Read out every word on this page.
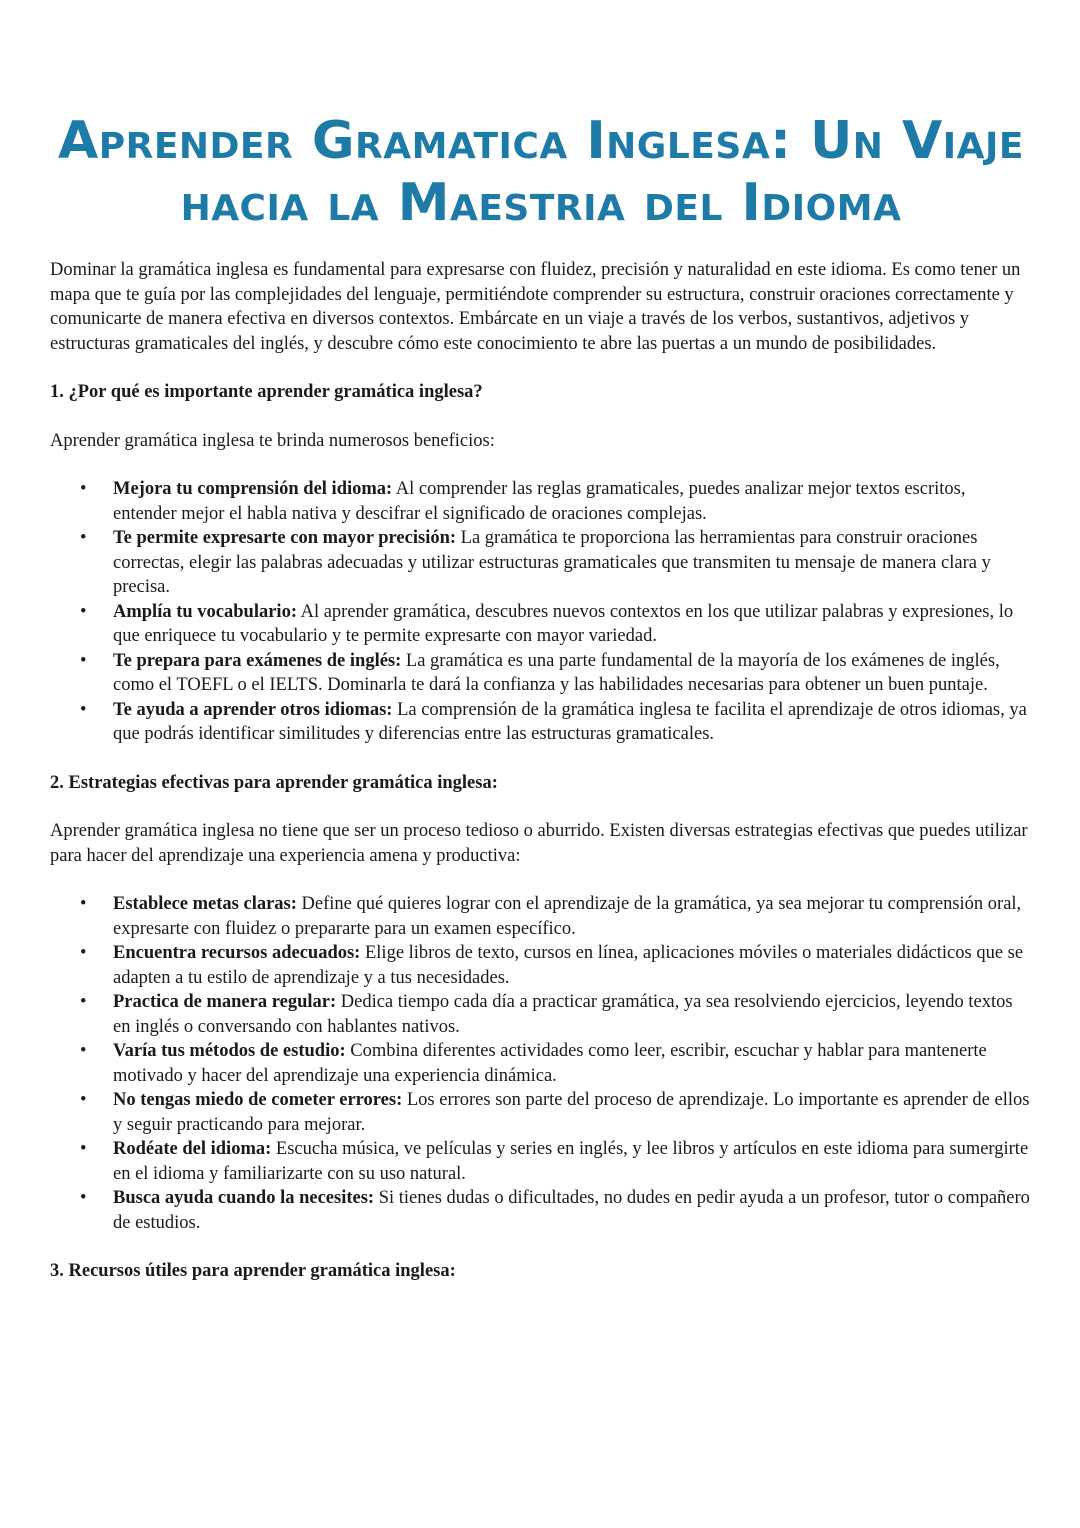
Aprender Gramatica Inglesa: Un Viaje
hacia la Maestria del Idioma

Dominar la gramática inglesa es fundamental para expresarse con fluidez, precisión y naturalidad en este idioma. Es como tener un mapa que te guía por las complejidades del lenguaje, permitiéndote comprender su estructura, construir oraciones correctamente y comunicarte de manera efectiva en diversos contextos. Embárcate en un viaje a través de los verbos, sustantivos, adjetivos y estructuras gramaticales del inglés, y descubre cómo este conocimiento te abre las puertas a un mundo de posibilidades.

1. ¿Por qué es importante aprender gramática inglesa?

Aprender gramática inglesa te brinda numerosos beneficios:

• Mejora tu comprensión del idioma: Al comprender las reglas gramaticales, puedes analizar mejor textos escritos, entender mejor el habla nativa y descifrar el significado de oraciones complejas.
• Te permite expresarte con mayor precisión: La gramática te proporciona las herramientas para construir oraciones correctas, elegir las palabras adecuadas y utilizar estructuras gramaticales que transmiten tu mensaje de manera clara y precisa.
• Amplía tu vocabulario: Al aprender gramática, descubres nuevos contextos en los que utilizar palabras y expresiones, lo que enriquece tu vocabulario y te permite expresarte con mayor variedad.
• Te prepara para exámenes de inglés: La gramática es una parte fundamental de la mayoría de los exámenes de inglés, como el TOEFL o el IELTS. Dominarla te dará la confianza y las habilidades necesarias para obtener un buen puntaje.
• Te ayuda a aprender otros idiomas: La comprensión de la gramática inglesa te facilita el aprendizaje de otros idiomas, ya que podrás identificar similitudes y diferencias entre las estructuras gramaticales.
2. Estrategias efectivas para aprender gramática inglesa:

Aprender gramática inglesa no tiene que ser un proceso tedioso o aburrido. Existen diversas estrategias efectivas que puedes utilizar para hacer del aprendizaje una experiencia amena y productiva:

• Establece metas claras: Define qué quieres lograr con el aprendizaje de la gramática, ya sea mejorar tu comprensión oral, expresarte con fluidez o prepararte para un examen específico.
• Encuentra recursos adecuados: Elige libros de texto, cursos en línea, aplicaciones móviles o materiales didácticos que se adapten a tu estilo de aprendizaje y a tus necesidades.
• Practica de manera regular: Dedica tiempo cada día a practicar gramática, ya sea resolviendo ejercicios, leyendo textos en inglés o conversando con hablantes nativos.
• Varía tus métodos de estudio: Combina diferentes actividades como leer, escribir, escuchar y hablar para mantenerte motivado y hacer del aprendizaje una experiencia dinámica.
• No tengas miedo de cometer errores: Los errores son parte del proceso de aprendizaje. Lo importante es aprender de ellos y seguir practicando para mejorar.
• Rodéate del idioma: Escucha música, ve películas y series en inglés, y lee libros y artículos en este idioma para sumergirte en el idioma y familiarizarte con su uso natural.
• Busca ayuda cuando la necesites: Si tienes dudas o dificultades, no dudes en pedir ayuda a un profesor, tutor o compañero de estudios.
3. Recursos útiles para aprender gramática inglesa:
